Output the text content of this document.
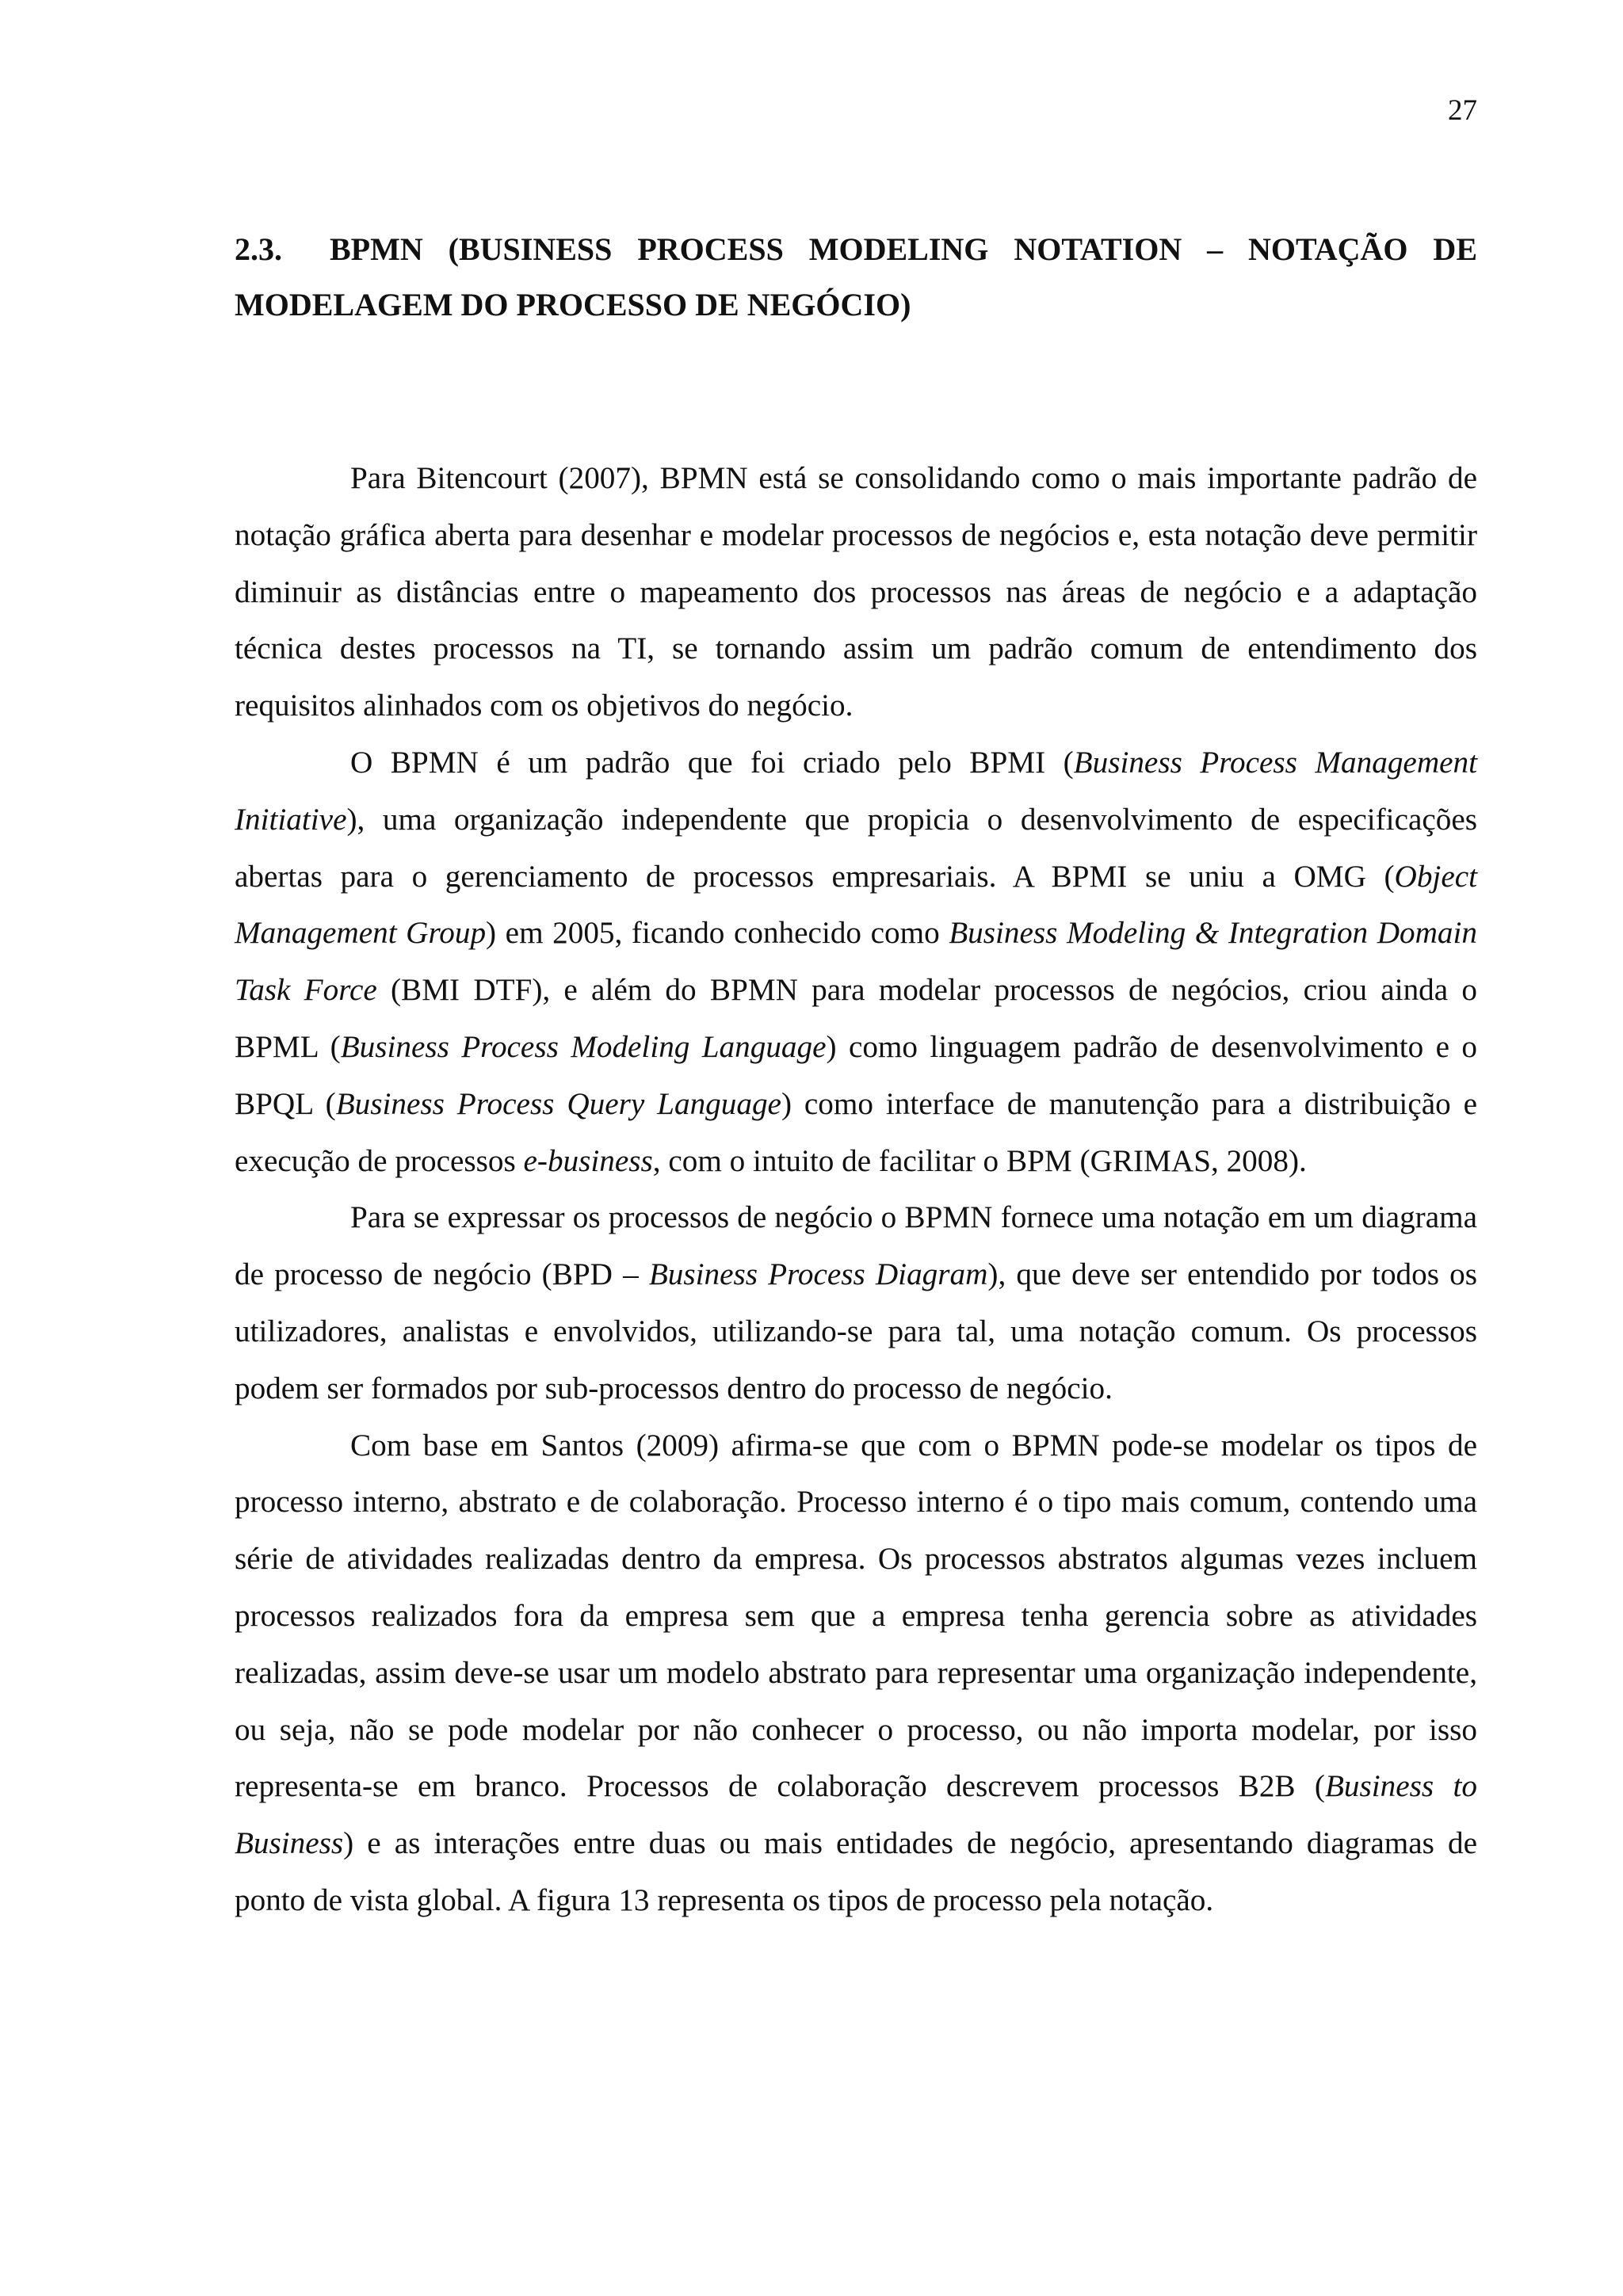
27
2.3. BPMN (BUSINESS PROCESS MODELING NOTATION – NOTAÇÃO DE MODELAGEM DO PROCESSO DE NEGÓCIO)

Para Bitencourt (2007), BPMN está se consolidando como o mais importante padrão de notação gráfica aberta para desenhar e modelar processos de negócios e, esta notação deve permitir diminuir as distâncias entre o mapeamento dos processos nas áreas de negócio e a adaptação técnica destes processos na TI, se tornando assim um padrão comum de entendimento dos requisitos alinhados com os objetivos do negócio.

O BPMN é um padrão que foi criado pelo BPMI (Business Process Management Initiative), uma organização independente que propicia o desenvolvimento de especificações abertas para o gerenciamento de processos empresariais. A BPMI se uniu a OMG (Object Management Group) em 2005, ficando conhecido como Business Modeling & Integration Domain Task Force (BMI DTF), e além do BPMN para modelar processos de negócios, criou ainda o BPML (Business Process Modeling Language) como linguagem padrão de desenvolvimento e o BPQL (Business Process Query Language) como interface de manutenção para a distribuição e execução de processos e-business, com o intuito de facilitar o BPM (GRIMAS, 2008).

Para se expressar os processos de negócio o BPMN fornece uma notação em um diagrama de processo de negócio (BPD – Business Process Diagram), que deve ser entendido por todos os utilizadores, analistas e envolvidos, utilizando-se para tal, uma notação comum. Os processos podem ser formados por sub-processos dentro do processo de negócio.

Com base em Santos (2009) afirma-se que com o BPMN pode-se modelar os tipos de processo interno, abstrato e de colaboração. Processo interno é o tipo mais comum, contendo uma série de atividades realizadas dentro da empresa. Os processos abstratos algumas vezes incluem processos realizados fora da empresa sem que a empresa tenha gerencia sobre as atividades realizadas, assim deve-se usar um modelo abstrato para representar uma organização independente, ou seja, não se pode modelar por não conhecer o processo, ou não importa modelar, por isso representa-se em branco. Processos de colaboração descrevem processos B2B (Business to Business) e as interações entre duas ou mais entidades de negócio, apresentando diagramas de ponto de vista global. A figura 13 representa os tipos de processo pela notação.
